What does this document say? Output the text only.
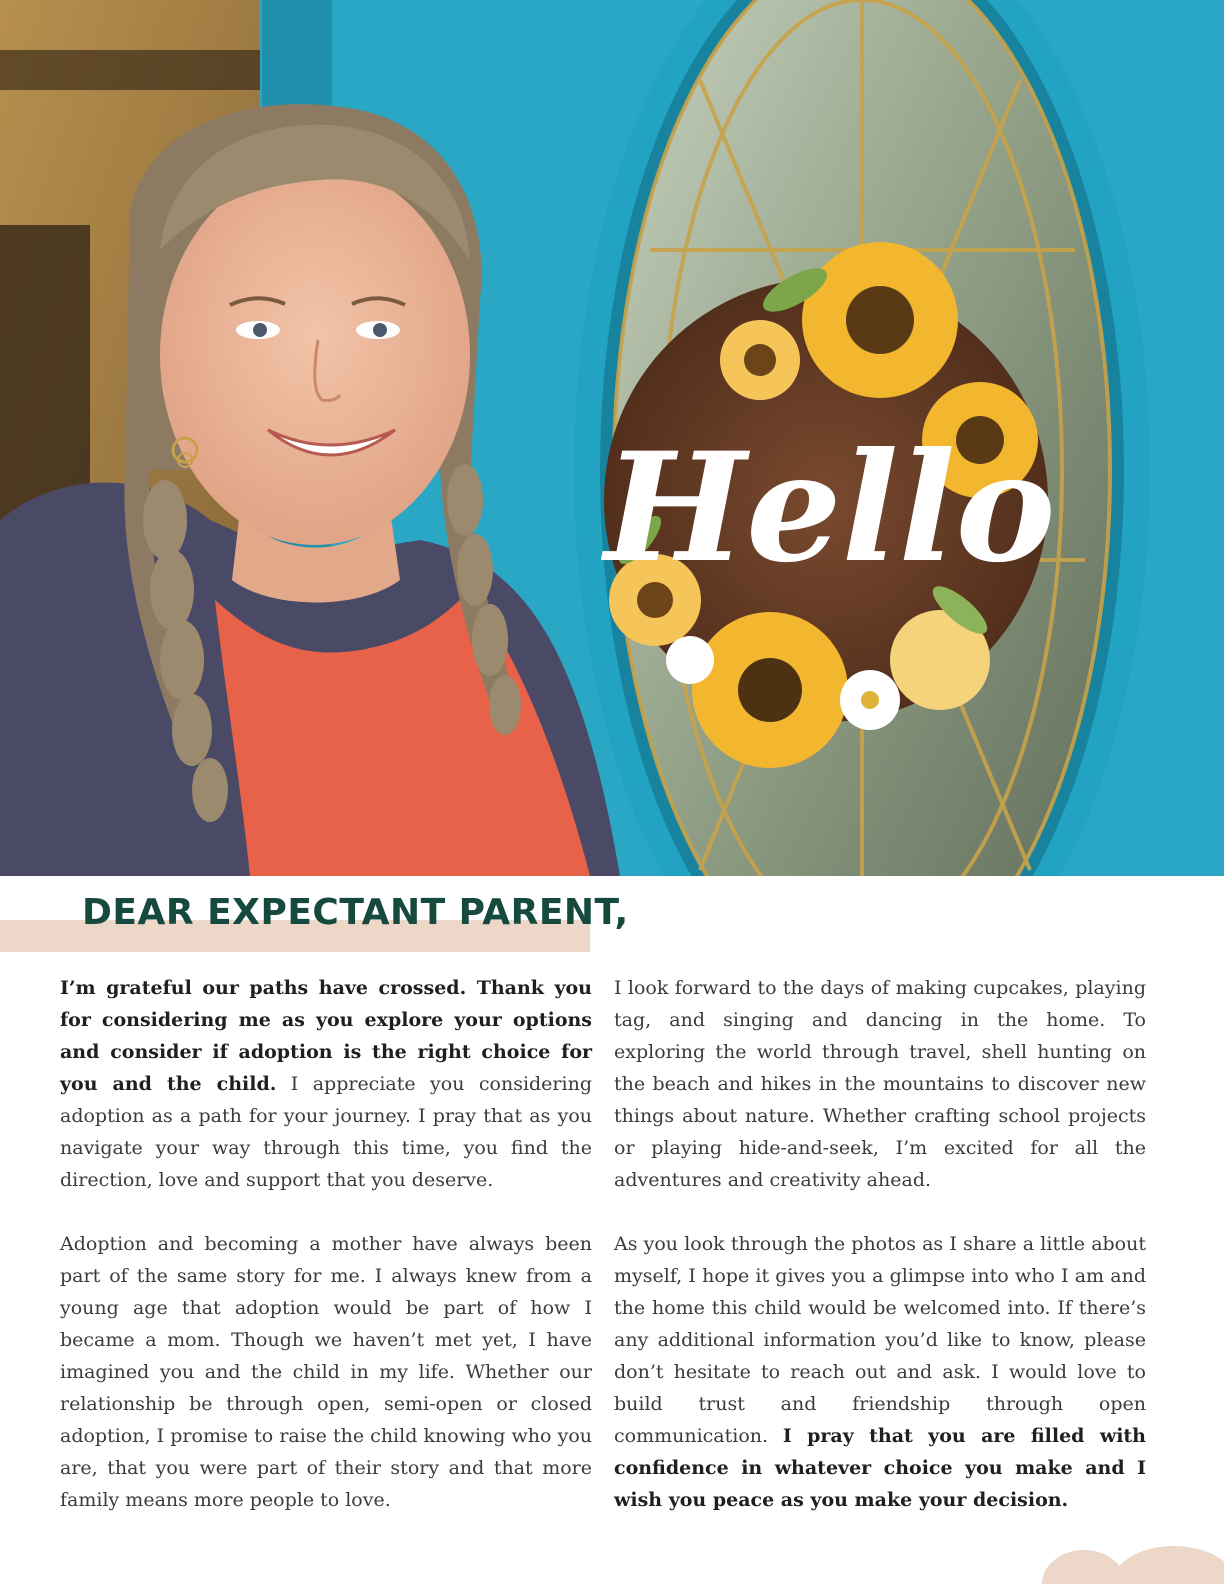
Hello
DEAR EXPECTANT PARENT,

I’m grateful our paths have crossed. Thank you for considering me as you explore your options and consider if adoption is the right choice for you and the child. I appreciate you considering adoption as a path for your journey. I pray that as you navigate your way through this time, you find the direction, love and support that you deserve.

Adoption and becoming a mother have always been part of the same story for me. I always knew from a young age that adoption would be part of how I became a mom. Though we haven’t met yet, I have imagined you and the child in my life. Whether our relationship be through open, semi-open or closed adoption, I promise to raise the child knowing who you are, that you were part of their story and that more family means more people to love.

I look forward to the days of making cupcakes, playing tag, and singing and dancing in the home. To exploring the world through travel, shell hunting on the beach and hikes in the mountains to discover new things about nature. Whether crafting school projects or playing hide-and-seek, I’m excited for all the adventures and creativity ahead.

As you look through the photos as I share a little about myself, I hope it gives you a glimpse into who I am and the home this child would be welcomed into. If there’s any additional information you’d like to know, please don’t hesitate to reach out and ask. I would love to build trust and friendship through open communication. I pray that you are filled with confidence in whatever choice you make and I wish you peace as you make your decision.
